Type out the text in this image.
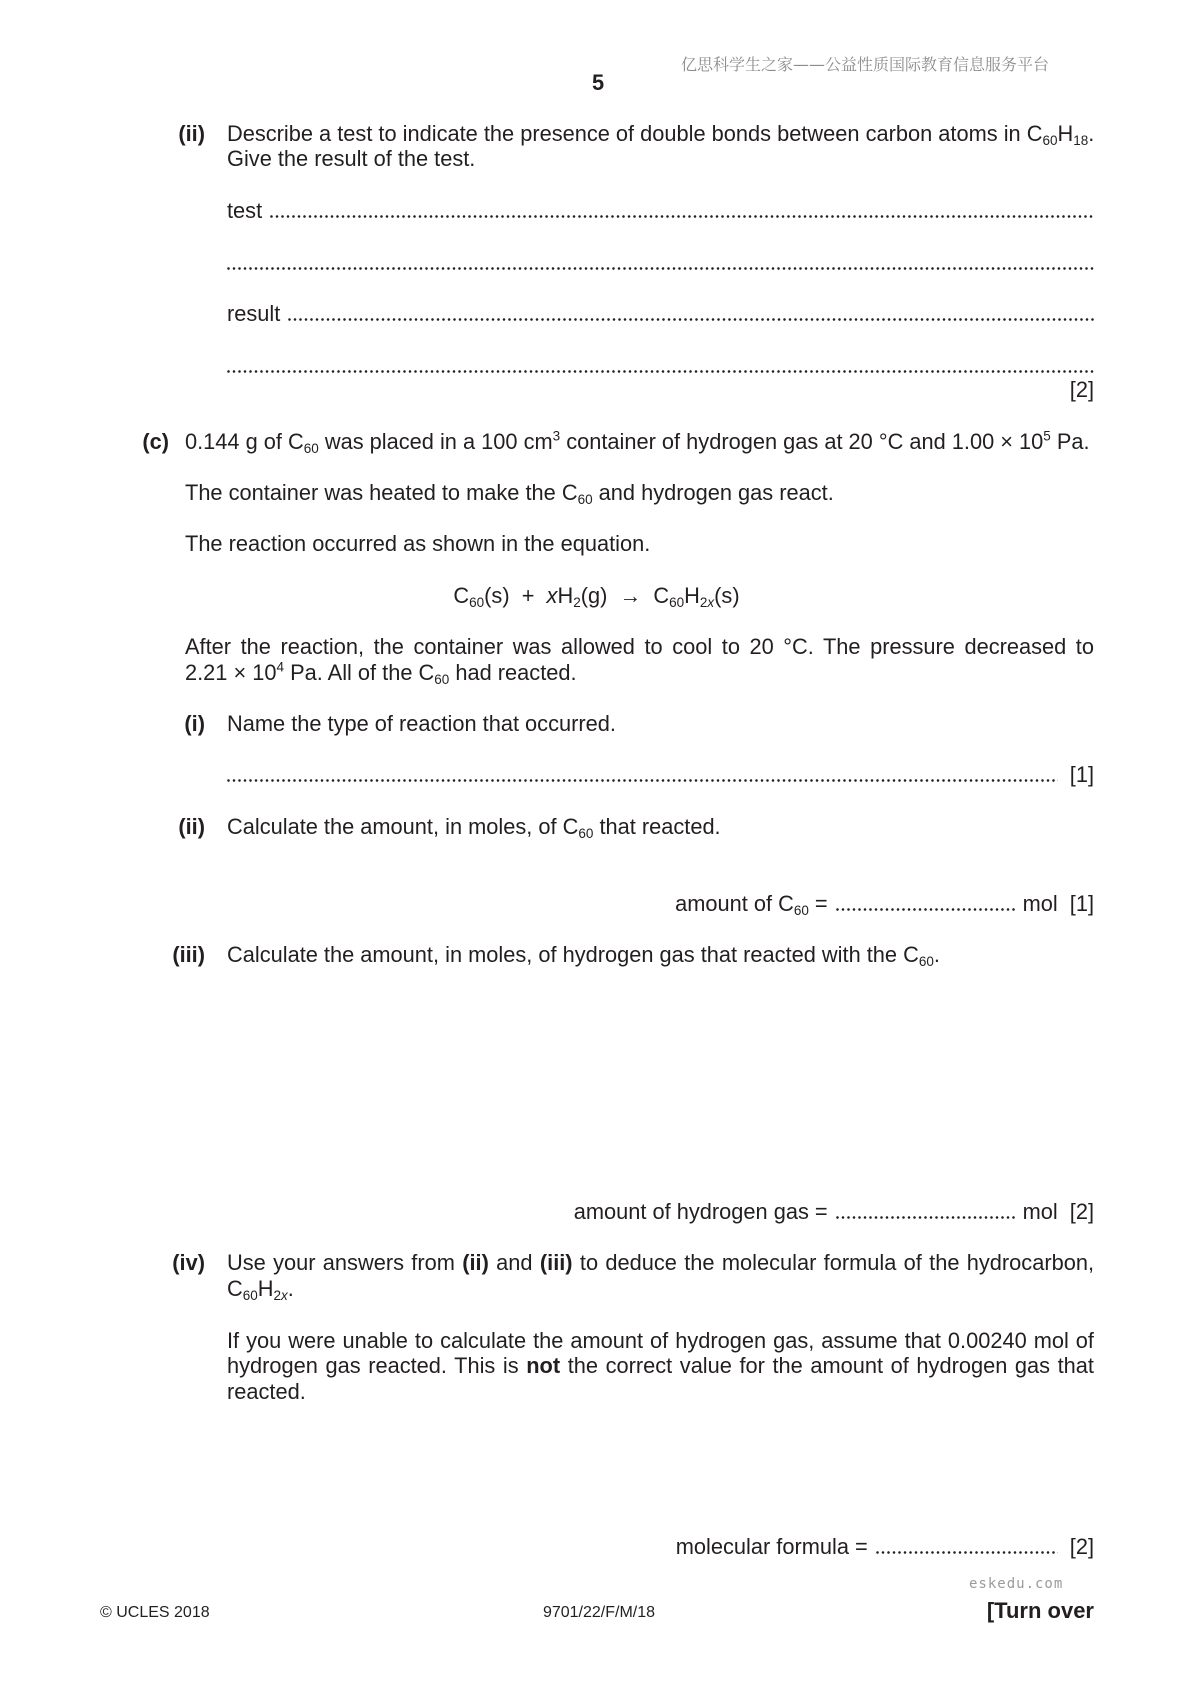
亿思科学生之家——公益性质国际教育信息服务平台
5
(ii) Describe a test to indicate the presence of double bonds between carbon atoms in C60H18.
Give the result of the test.
test
result
[2]
(c) 0.144 g of C60 was placed in a 100 $cm^3$ container of hydrogen gas at 20 °C and $1.00 \times 10^5$ Pa.
The container was heated to make the C60 and hydrogen gas react.
The reaction occurred as shown in the equation.
C60(s)  +  xH2(g)  →  C60H2x(s)
After the reaction, the container was allowed to cool to 20 °C. The pressure decreased to
$2.21 \times 10^4$ Pa. All of the C60 had reacted.
(i) Name the type of reaction that occurred.
[1]
(ii) Calculate the amount, in moles, of C60 that reacted.
amount of C60 =	mol [1]
(iii) Calculate the amount, in moles, of hydrogen gas that reacted with the C60.
amount of hydrogen gas =	mol [2]
(iv) Use your answers from (ii) and (iii) to deduce the molecular formula of the hydrocarbon,
C60H2x.
If you were unable to calculate the amount of hydrogen gas, assume that 0.00240 mol of
hydrogen gas reacted. This is not the correct value for the amount of hydrogen gas that
reacted.
molecular formula =	[2]
eskedu.com
© UCLES 2018	9701/22/F/M/18	[Turn over
